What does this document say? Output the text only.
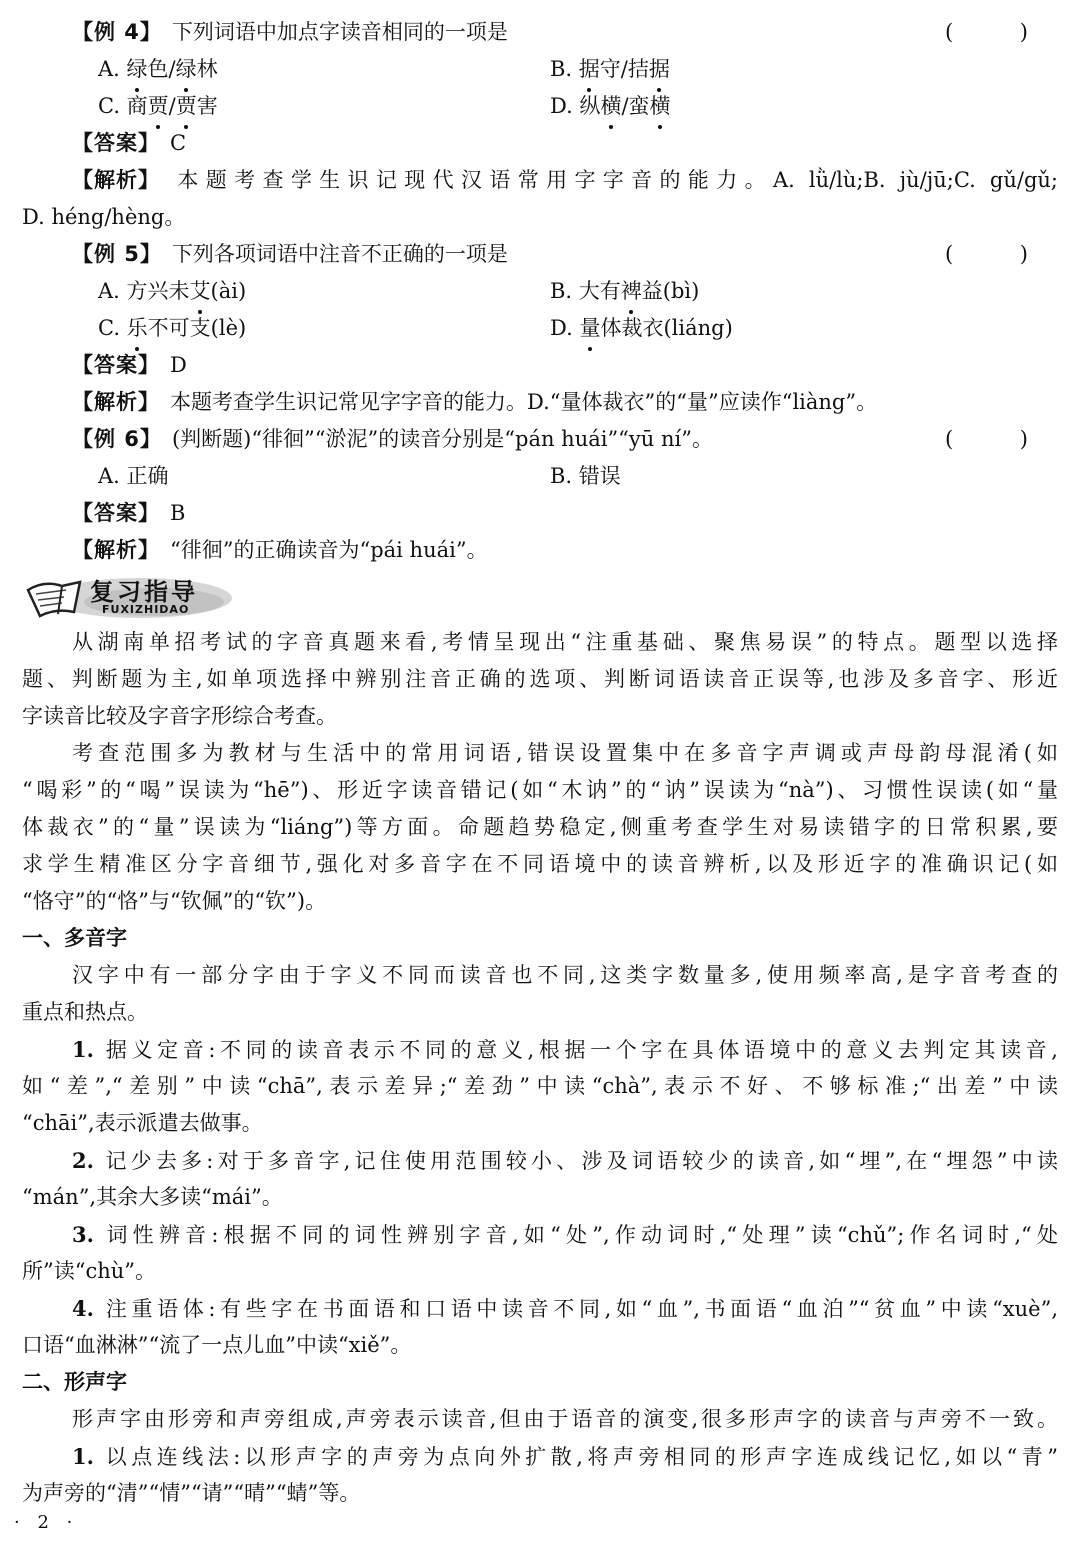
【例 4】 下列词语中加点字读音相同的一项是	( )
A. 绿色/绿林	B. 据守/拮据
C. 商贾/贾害	D. 纵横/蛮横
【答案】 C
【解析】 本题考查学生识记现代汉语常用字字音的能力。A. lǜ/lù;B. jù/jū;C. gǔ/gǔ;
D. héng/hèng。
【例 5】 下列各项词语中注音不正确的一项是	( )
A. 方兴未艾(ài)	B. 大有裨益(bì)
C. 乐不可支(lè)	D. 量体裁衣(liáng)
【答案】 D
【解析】 本题考查学生识记常见字字音的能力。D.“量体裁衣”的“量”应读作“liàng”。
【例 6】 (判断题)“徘徊”“淤泥”的读音分别是“pán huái”“yū ní”。	( )
A. 正确	B. 错误
【答案】 B
【解析】 “徘徊”的正确读音为“pái huái”。
复习指导
FUXIZHIDAO
从湖南单招考试的字音真题来看,考情呈现出“注重基础、聚焦易误”的特点。题型以选择
题、判断题为主,如单项选择中辨别注音正确的选项、判断词语读音正误等,也涉及多音字、形近
字读音比较及字音字形综合考查。
考查范围多为教材与生活中的常用词语,错误设置集中在多音字声调或声母韵母混淆(如
“喝彩”的“喝”误读为“hē”)、形近字读音错记(如“木讷”的“讷”误读为“nà”)、习惯性误读(如“量
体裁衣”的“量”误读为“liáng”)等方面。命题趋势稳定,侧重考查学生对易读错字的日常积累,要
求学生精准区分字音细节,强化对多音字在不同语境中的读音辨析,以及形近字的准确识记(如
“恪守”的“恪”与“钦佩”的“钦”)。
一、多音字
汉字中有一部分字由于字义不同而读音也不同,这类字数量多,使用频率高,是字音考查的
重点和热点。
1. 据义定音:不同的读音表示不同的意义,根据一个字在具体语境中的意义去判定其读音,
如“差”,“差别”中读“chā”,表示差异;“差劲”中读“chà”,表示不好、不够标准;“出差”中读
“chāi”,表示派遣去做事。
2. 记少去多:对于多音字,记住使用范围较小、涉及词语较少的读音,如“埋”,在“埋怨”中读
“mán”,其余大多读“mái”。
3. 词性辨音:根据不同的词性辨别字音,如“处”,作动词时,“处理”读“chǔ”;作名词时,“处
所”读“chù”。
4. 注重语体:有些字在书面语和口语中读音不同,如“血”,书面语“血泊”“贫血”中读“xuè”,
口语“血淋淋”“流了一点儿血”中读“xiě”。
二、形声字
形声字由形旁和声旁组成,声旁表示读音,但由于语音的演变,很多形声字的读音与声旁不一致。
1. 以点连线法:以形声字的声旁为点向外扩散,将声旁相同的形声字连成线记忆,如以“青”
为声旁的“清”“情”“请”“晴”“蜻”等。
· 2 ·
